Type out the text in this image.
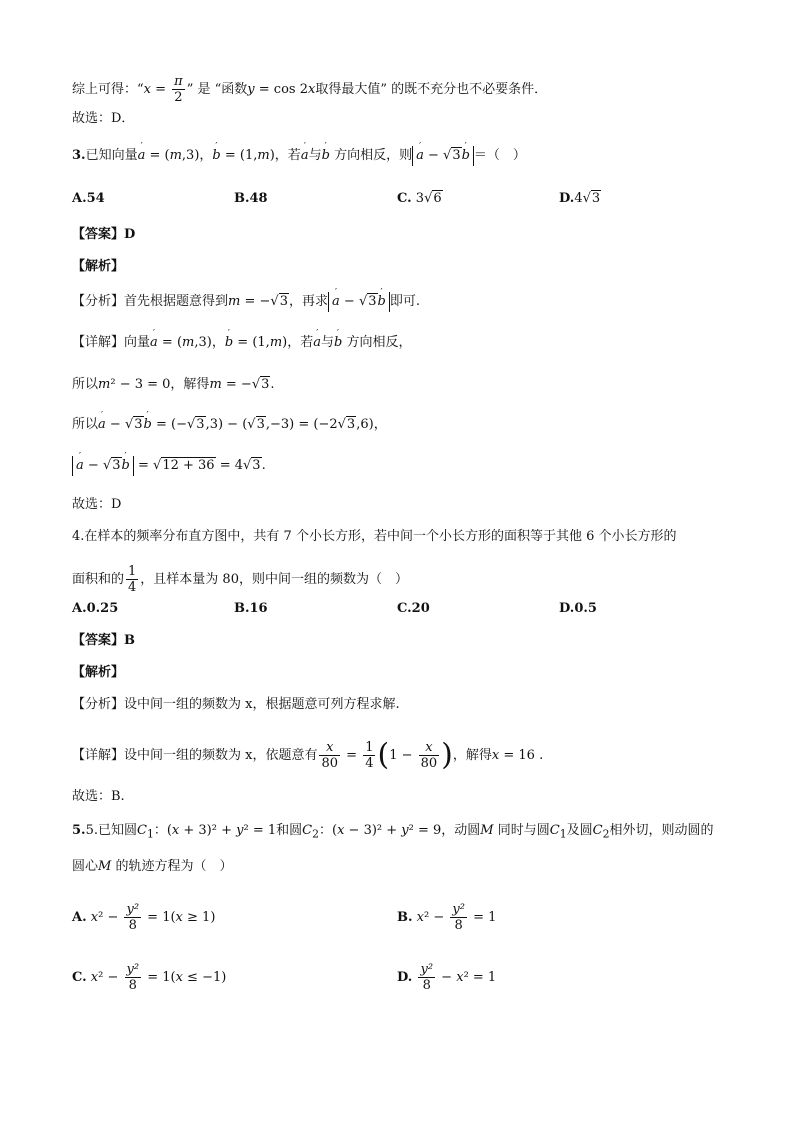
综上可得：“$x = \frac{\pi}{2}$ ” 是 “函数y = cos 2x取得最大值” 的既不充分也不必要条件．
故选：D．
3.已知向量′ a = (m,3)，′ b = (1,m)，若′ a与′ b 方向相反，则 ′ a − √3′ b ＝（　）
A.54	B.48	C. 3√6	D.4√3
【答案】D
【解析】
【分析】首先根据题意得到m = −√3，再求 ′ a − √3′ b 即可.
【详解】向量′ a = (m,3)，′ b = (1,m)，若′ a与′ b 方向相反，
所以m² − 3 = 0，解得m = −√3.
所以′ a − √3′ b = (−√3,3) − (√3,−3) = (−2√3,6)，
′ a − √3′ b = √12 + 36 = 4√3.
故选：D
4.在样本的频率分布直方图中，共有 7 个小长方形，若中间一个小长方形的面积等于其他 6 个小长方形的
面积和的 $\frac{1}{4}$ ，且样本量为 80，则中间一组的频数为（　）
A.0.25	B.16	C.20	D.0.5
【答案】B
【解析】
【分析】设中间一组的频数为 x，根据题意可列方程求解.
【详解】设中间一组的频数为 x，依题意有 $\frac{x}{80} = \frac{1}{4} (1 - \frac{x}{80}$ )，解得x = 16 .
故选：B.
5.5.已知圆$C_1$：(x + 3)² + y² = 1和圆$C_2$：(x − 3)² + y² = 9，动圆M 同时与圆$C_1$及圆$C_2$相外切，则动圆的
圆心M 的轨迹方程为（　）
A. $x^2 - \frac{\text{y²}}{8} = 1(x \ge 1)$	B. $x^2 - \frac{\text{y²}}{8} = 1$
C. $x^2 - \frac{\text{y²}}{8} = 1(x \le -1)$	D. $\frac{\text{y²}}{8} - x^2 = 1$
